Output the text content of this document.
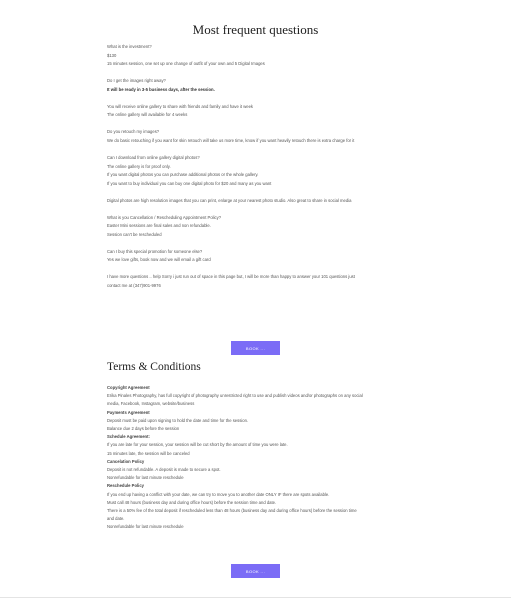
Most frequent questions

What is the investment?

$130

15 minutes session, one set up one change of outfit of your own and 5 Digital Images

Do I get the images right away?

It will be ready in 3-5 business days, after the session.

You will receive online gallery to share with friends and family and have it week

The online gallery will available for 4 weeks

Do you retouch my images?

We do basic retouching if you want for skin retouch will take us more time, know if you want heavily retouch there is extra charge for it

Can I download from online gallery digital photos?

The online gallery is for proof only.

If you want digital photos you can purchase additional photos or the whole gallery.

If you want to buy individual you can buy one digital photo for $20 and many as you want

Digital photos are high resolution images that you can print, enlarge at your nearest photo studio. Also great to share in social media

What is you Cancellation / Rescheduling Appointment Policy?

Easter Mini sessions are final sales and non refundable.

Session can't be rescheduled

Can I buy this special promotion for someone else?

Yes we love gifts, book now and we will email a gift card

I have more questions .. help Sorry i just run out of space in this page but, I will be more than happy to answer your 101 questions just

contact me at (347)901-9976

BOOK ...
Terms & Conditions

Copyright Agreement

Erika Pinales Photography, has full copyright of photography unrestricted right to use and publish videos and/or photographs on any social

media, Facebook, Instagram, website/business

Payments Agreement

Deposit must be paid upon signing to hold the date and time for the session.

Balance due 2 days before the session

Schedule Agreement:

If you are late for your session, your session will be cut short by the amount of time you were late.

15 minutes late, the session will be canceled

Cancelation Policy

Deposit is not refundable. A deposit is made to secure a spot.

Nonrefundable for last minute reschedule

Reschedule Policy

If you end up having a conflict with your date, we can try to move you to another date ONLY IF there are spots available.

Must call 48 hours (business day and during office hours) before the session time and date.

There is a 50% fee of the total deposit if rescheduled less than 48 hours (business day and during office hours) before the session time

and date.

Nonrefundable for last minute reschedule

BOOK ...
